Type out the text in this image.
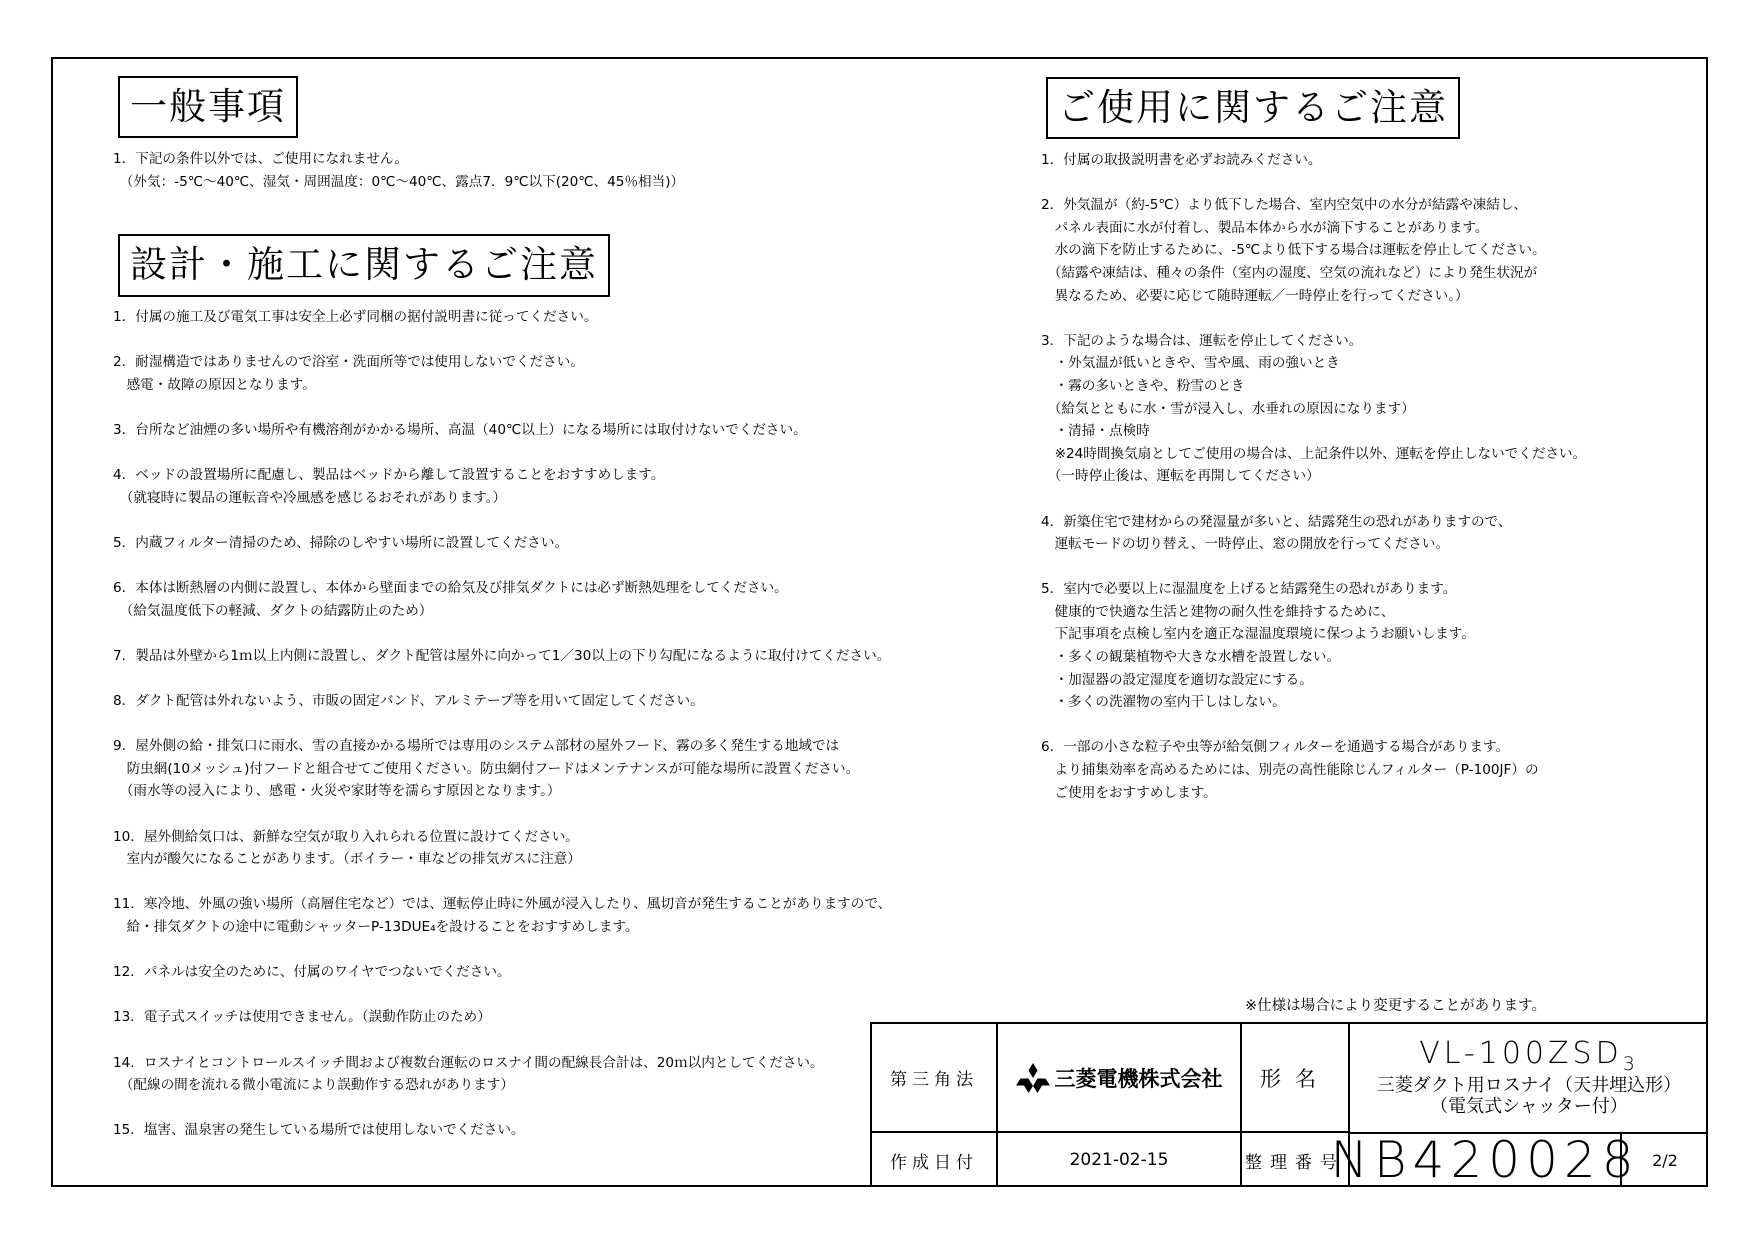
一般事項
設計・施工に関するご注意
ご使用に関するご注意
1．下記の条件以外では、ご使用になれません。
　（外気：-5℃～40℃、湿気・周囲温度：0℃～40℃、露点7．9℃以下(20℃、45％相当)）
1．付属の施工及び電気工事は安全上必ず同梱の据付説明書に従ってください。
2．耐湿構造ではありませんので浴室・洗面所等では使用しないでください。
　感電・故障の原因となります。
3．台所など油煙の多い場所や有機溶剤がかかる場所、高温（40℃以上）になる場所には取付けないでください。
4．ベッドの設置場所に配慮し、製品はベッドから離して設置することをおすすめします。
　（就寝時に製品の運転音や冷風感を感じるおそれがあります。）
5．内蔵フィルター清掃のため、掃除のしやすい場所に設置してください。
6．本体は断熱層の内側に設置し、本体から壁面までの給気及び排気ダクトには必ず断熱処理をしてください。
　（給気温度低下の軽減、ダクトの結露防止のため）
7．製品は外壁から1ｍ以上内側に設置し、ダクト配管は屋外に向かって1／30以上の下り勾配になるように取付けてください。
8．ダクト配管は外れないよう、市販の固定バンド、アルミテープ等を用いて固定してください。
9．屋外側の給・排気口に雨水、雪の直接かかる場所では専用のシステム部材の屋外フード、霧の多く発生する地域では
　防虫網(10メッシュ)付フードと組合せてご使用ください。防虫網付フードはメンテナンスが可能な場所に設置ください。
　（雨水等の浸入により、感電・火災や家財等を濡らす原因となります。）
10．屋外側給気口は、新鮮な空気が取り入れられる位置に設けてください。
　室内が酸欠になることがあります。（ボイラー・車などの排気ガスに注意）
11．寒冷地、外風の強い場所（高層住宅など）では、運転停止時に外風が浸入したり、風切音が発生することがありますので、
　給・排気ダクトの途中に電動シャッターP-13DUE₄を設けることをおすすめします。
12．パネルは安全のために、付属のワイヤでつないでください。
13．電子式スイッチは使用できません。（誤動作防止のため）
14．ロスナイとコントロールスイッチ間および複数台運転のロスナイ間の配線長合計は、20ｍ以内としてください。
　（配線の間を流れる微小電流により誤動作する恐れがあります）
15．塩害、温泉害の発生している場所では使用しないでください。
1．付属の取扱説明書を必ずお読みください。
2．外気温が（約-5℃）より低下した場合、室内空気中の水分が結露や凍結し、
　パネル表面に水が付着し、製品本体から水が滴下することがあります。
　水の滴下を防止するために、-5℃より低下する場合は運転を停止してください。
　（結露や凍結は、種々の条件（室内の湿度、空気の流れなど）により発生状況が
　異なるため、必要に応じて随時運転／一時停止を行ってください。）
3．下記のような場合は、運転を停止してください。
　・外気温が低いときや、雪や風、雨の強いとき
　・霧の多いときや、粉雪のとき
　（給気とともに水・雪が浸入し、水垂れの原因になります）
　・清掃・点検時
　※24時間換気扇としてご使用の場合は、上記条件以外、運転を停止しないでください。
　（一時停止後は、運転を再開してください）
4．新築住宅で建材からの発湿量が多いと、結露発生の恐れがありますので、
　運転モードの切り替え、一時停止、窓の開放を行ってください。
5．室内で必要以上に湿温度を上げると結露発生の恐れがあります。
　健康的で快適な生活と建物の耐久性を維持するために、
　下記事項を点検し室内を適正な湿温度環境に保つようお願いします。
　・多くの観葉植物や大きな水槽を設置しない。
　・加湿器の設定湿度を適切な設定にする。
　・多くの洗濯物の室内干しはしない。
6．一部の小さな粒子や虫等が給気側フィルターを通過する場合があります。
　より捕集効率を高めるためには、別売の高性能除じんフィルター（P-100JF）の
　ご使用をおすすめします。
※仕様は場合により変更することがあります。
第三角法	三菱電機株式会社	形名
$VL-100ZSD_3$
三菱ダクト用ロスナイ（天井埋込形）
（電気式シャッター付）
作成日付	2021-02-15	整理番号
NB420028 2/2
